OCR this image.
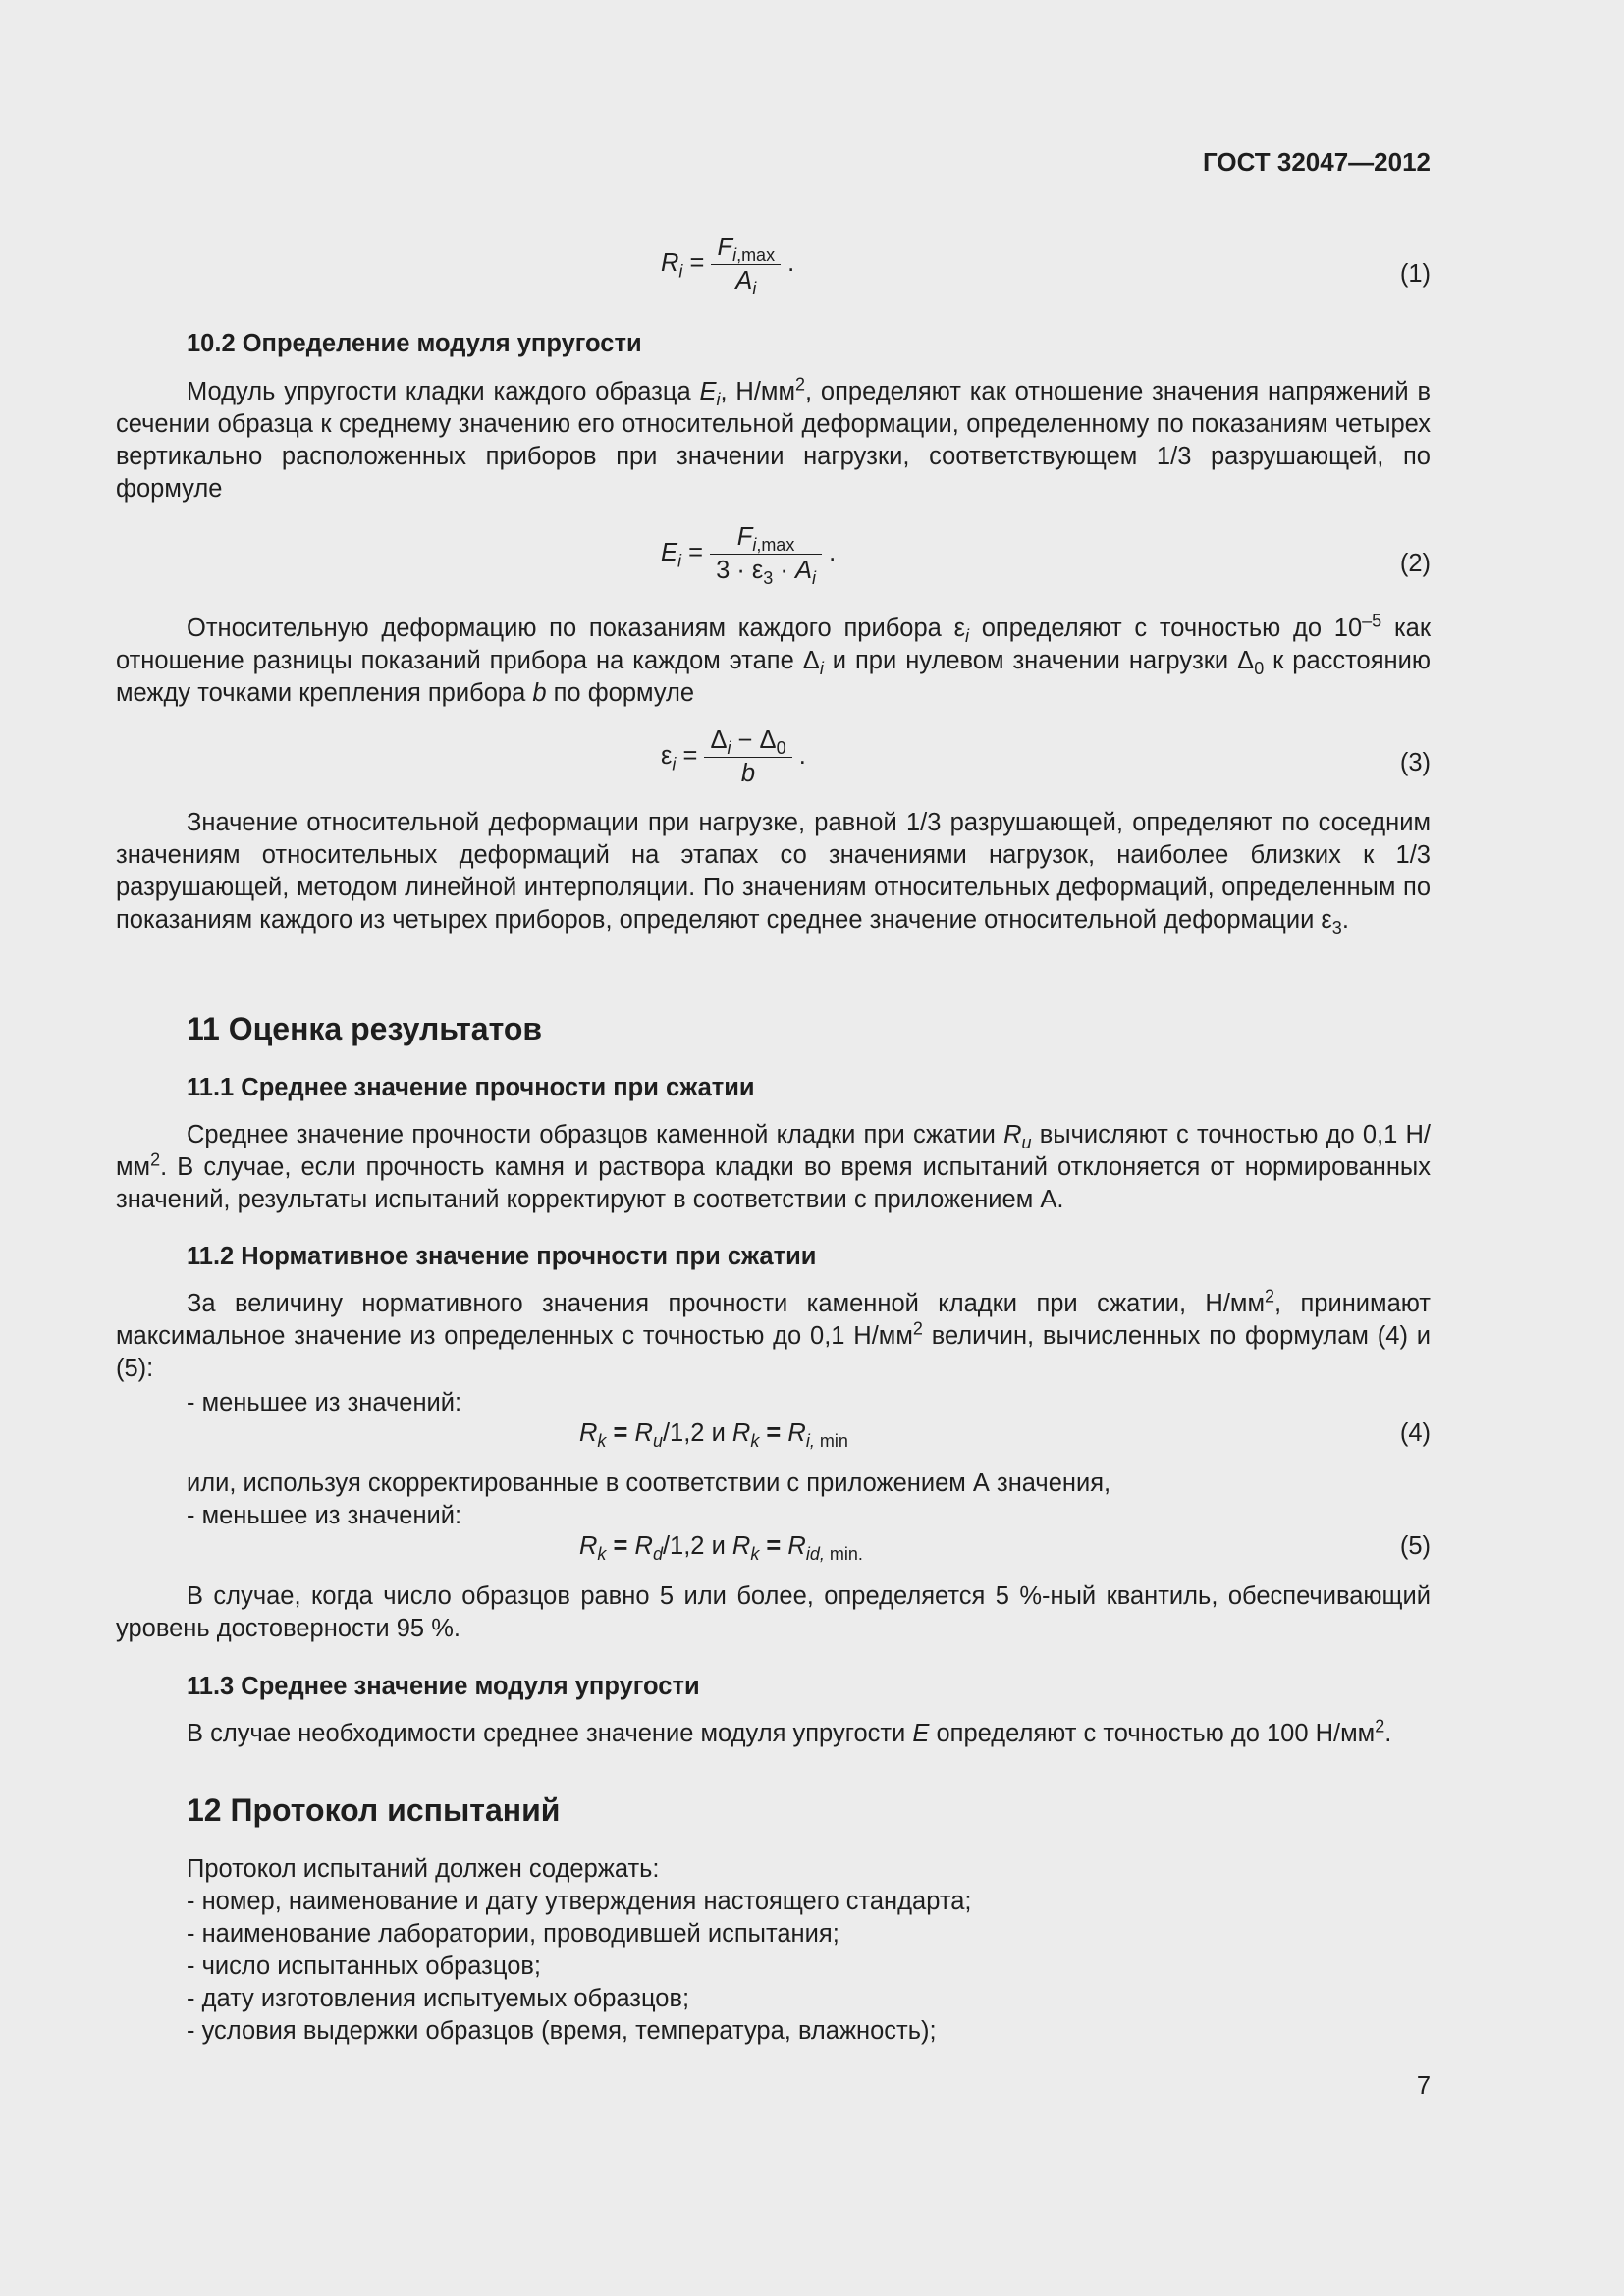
ГОСТ 32047—2012
$R_i = \frac{F_{i,max}}{A_i}$ .	(1)
10.2 Определение модуля упругости
Модуль упругости кладки каждого образца $E_i$, $Н/мм^2$, определяют как отношение значения напряжений в сечении образца к среднему значению его относительной деформации, определенному по показаниям четырех вертикально расположенных приборов при значении нагрузки, соответствующем 1/3 разрушающей, по формуле
$E_i = \frac{F_{i,max}}{3 \cdot \varepsilon_3 \cdot A_i}$ .	(2)
Относительную деформацию по показаниям каждого прибора $\varepsilon_i$ определяют с точностью до $10^{-5}$ как отношение разницы показаний прибора на каждом этапе $\Delta_i$ и при нулевом значении нагрузки $\Delta_0$ к расстоянию между точками крепления прибора b по формуле
$\varepsilon_i = \frac{\Delta_i - \Delta_0}{b}$ .	(3)
Значение относительной деформации при нагрузке, равной 1/3 разрушающей, определяют по соседним значениям относительных деформаций на этапах со значениями нагрузок, наиболее близких к 1/3 разрушающей, методом линейной интерполяции. По значениям относительных деформаций, определенным по показаниям каждого из четырех приборов, определяют среднее значение относительной деформации $\varepsilon_3$.
11 Оценка результатов
11.1 Среднее значение прочности при сжатии
Среднее значение прочности образцов каменной кладки при сжатии $R_u$ вычисляют с точностью до 0,1 $Н/мм^2$. В случае, если прочность камня и раствора кладки во время испытаний отклоняется от нормированных значений, результаты испытаний корректируют в соответствии с приложением А.
11.2 Нормативное значение прочности при сжатии
За величину нормативного значения прочности каменной кладки при сжатии, $Н/мм^2$, принимают максимальное значение из определенных с точностью до 0,1 $Н/мм^2$ величин, вычисленных по формулам (4) и (5):
- меньшее из значений:
$R_k = R_u/1,2$ и $R_k = R_{i, min}$	(4)
или, используя скорректированные в соответствии с приложением А значения,
- меньшее из значений:
$R_k = R_d/1,2$ и $R_k = R_{id, min.}$	(5)
В случае, когда число образцов равно 5 или более, определяется 5 %-ный квантиль, обеспечивающий уровень достоверности 95 %.
11.3 Среднее значение модуля упругости
В случае необходимости среднее значение модуля упругости E определяют с точностью до 100 $Н/мм^2$.
12 Протокол испытаний
Протокол испытаний должен содержать:
- номер, наименование и дату утверждения настоящего стандарта;
- наименование лаборатории, проводившей испытания;
- число испытанных образцов;
- дату изготовления испытуемых образцов;
- условия выдержки образцов (время, температура, влажность);
7
